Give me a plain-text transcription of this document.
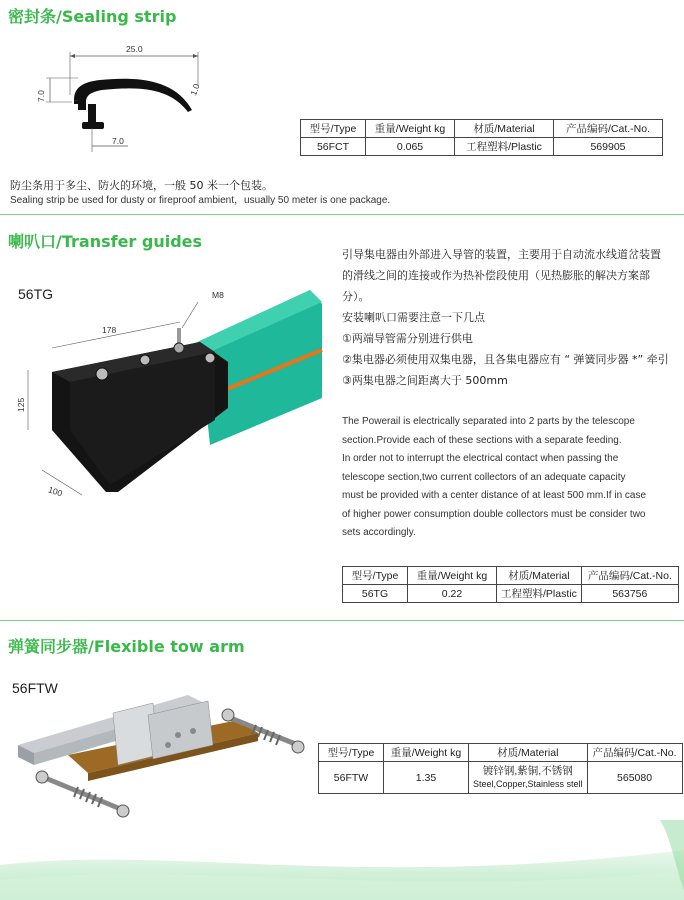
密封条/Sealing strip
25.0
7.0	1.0
7.0
型号/Type	重量/Weight kg	材质/Material	产品编码/Cat.-No.
56FCT	0.065	工程塑料/Plastic	569905
防尘条用于多尘、防火的环境，一般 50 米一个包装。
Sealing strip be used for dusty or fireproof ambient，usually 50 meter is one package.
喇叭口/Transfer guides
56TG
178
125
100
M8
引导集电器由外部进入导管的装置，主要用于自动流水线道岔装置
的滑线之间的连接或作为热补偿段使用（见热膨胀的解决方案部
分）。
安装喇叭口需要注意一下几点
①两端导管需分别进行供电
②集电器必须使用双集电器，且各集电器应有 “ 弹簧同步器 *” 牵引
③两集电器之间距离大于 500mm
The Powerail is electrically separated into 2 parts by the telescope
section.Provide each of these sections with a separate feeding.
In order not to interrupt the electrical contact when passing the
telescope section,two current collectors of an adequate capacity
must be provided with a center distance of at least 500 mm.If in case
of higher power consumption double collectors must be consider two
sets accordingly.
型号/Type	重量/Weight kg	材质/Material	产品编码/Cat.-No.
56TG	0.22	工程塑料/Plastic	563756
弹簧同步器/Flexible tow arm
56FTW
型号/Type	重量/Weight kg	材质/Material	产品编码/Cat.-No.
56FTW	1.35	镀锌钢,紫铜,不锈钢
Steel,Copper,Stainless stell	565080
